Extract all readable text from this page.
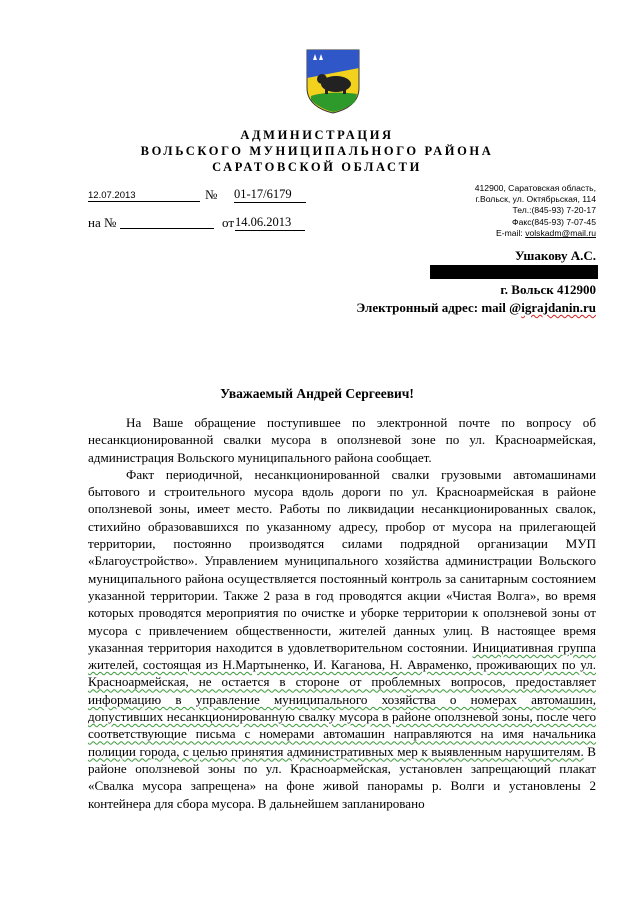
АДМИНИСТРАЦИЯ
ВОЛЬСКОГО МУНИЦИПАЛЬНОГО РАЙОНА
САРАТОВСКОЙ ОБЛАСТИ
12.07.2013	№ 01-17/6179
на №	от 14.06.2013
412900, Саратовская область,
г.Вольск, ул. Октябрьская, 114
Тел.:(845-93) 7-20-17
Факс(845-93) 7-07-45
E-mail: volskadm@mail.ru
Ушакову А.С.
г. Вольск 412900
Электронный адрес: mail @igrajdanin.ru
Уважаемый Андрей Сергеевич!

На Ваше обращение поступившее по электронной почте по вопросу об несанкционированной свалки мусора в оползневой зоне по ул. Красноармейская, администрация Вольского муниципального района сообщает.

Факт периодичной, несанкционированной свалки грузовыми автомашинами бытового и строительного мусора вдоль дороги по ул. Красноармейская в районе оползневой зоны, имеет место. Работы по ликвидации несанкционированных свалок, стихийно образовавшихся по указанному адресу, пробор от мусора на прилегающей территории, постоянно производятся силами подрядной организации МУП «Благоустройство». Управлением муниципального хозяйства администрации Вольского муниципального района осуществляется постоянный контроль за санитарным состоянием указанной территории. Также 2 раза в год проводятся акции «Чистая Волга», во время которых проводятся мероприятия по очистке и уборке территории к оползневой зоны от мусора с привлечением общественности, жителей данных улиц. В настоящее время указанная территория находится в удовлетворительном состоянии. Инициативная группа жителей, состоящая из Н.Мартыненко, И. Каганова, Н. Авраменко, проживающих по ул. Красноармейская, не остается в стороне от проблемных вопросов, предоставляет информацию в управление муниципального хозяйства о номерах автомашин, допустивших несанкционированную свалку мусора в районе оползневой зоны, после чего соответствующие письма с номерами автомашин направляются на имя начальника полиции города, с целью принятия административных мер к выявленным нарушителям. В районе оползневой зоны по ул. Красноармейская, установлен запрещающий плакат «Свалка мусора запрещена» на фоне живой панорамы р. Волги и установлены 2 контейнера для сбора мусора. В дальнейшем запланировано
